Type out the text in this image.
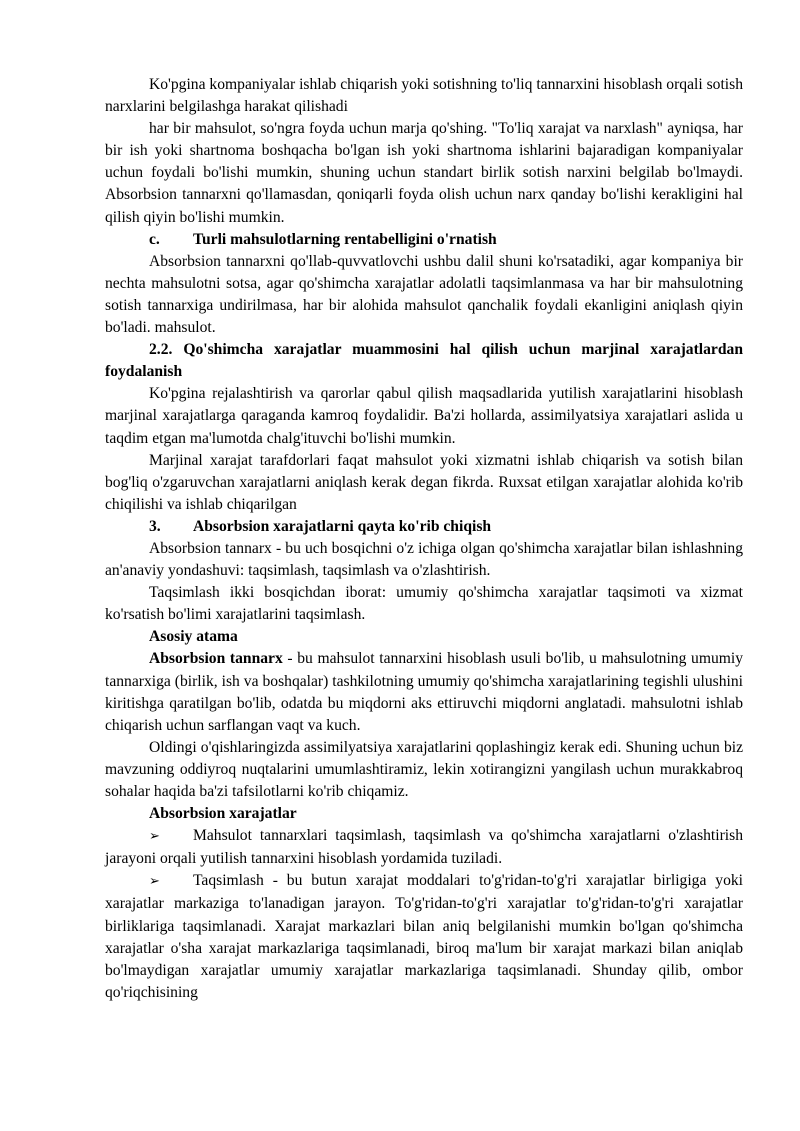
Ko'pgina kompaniyalar ishlab chiqarish yoki sotishning to'liq tannarxini hisoblash orqali sotish narxlarini belgilashga harakat qilishadi

har bir mahsulot, so'ngra foyda uchun marja qo'shing. "To'liq xarajat va narxlash" ayniqsa, har bir ish yoki shartnoma boshqacha bo'lgan ish yoki shartnoma ishlarini bajaradigan kompaniyalar uchun foydali bo'lishi mumkin, shuning uchun standart birlik sotish narxini belgilab bo'lmaydi. Absorbsion tannarxni qo'llamasdan, qoniqarli foyda olish uchun narx qanday bo'lishi kerakligini hal qilish qiyin bo'lishi mumkin.

c.	Turli mahsulotlarning rentabelligini o'rnatish

Absorbsion tannarxni qo'llab-quvvatlovchi ushbu dalil shuni ko'rsatadiki, agar kompaniya bir nechta mahsulotni sotsa, agar qo'shimcha xarajatlar adolatli taqsimlanmasa va har bir mahsulotning sotish tannarxiga undirilmasa, har bir alohida mahsulot qanchalik foydali ekanligini aniqlash qiyin bo'ladi. mahsulot.

2.2. Qo'shimcha xarajatlar muammosini hal qilish uchun marjinal xarajatlardan foydalanish

Ko'pgina rejalashtirish va qarorlar qabul qilish maqsadlarida yutilish xarajatlarini hisoblash marjinal xarajatlarga qaraganda kamroq foydalidir. Ba'zi hollarda, assimilyatsiya xarajatlari aslida u taqdim etgan ma'lumotda chalg'ituvchi bo'lishi mumkin.

Marjinal xarajat tarafdorlari faqat mahsulot yoki xizmatni ishlab chiqarish va sotish bilan bog'liq o'zgaruvchan xarajatlarni aniqlash kerak degan fikrda. Ruxsat etilgan xarajatlar alohida ko'rib chiqilishi va ishlab chiqarilgan

3.	Absorbsion xarajatlarni qayta ko'rib chiqish

Absorbsion tannarx - bu uch bosqichni o'z ichiga olgan qo'shimcha xarajatlar bilan ishlashning an'anaviy yondashuvi: taqsimlash, taqsimlash va o'zlashtirish.

Taqsimlash ikki bosqichdan iborat: umumiy qo'shimcha xarajatlar taqsimoti va xizmat ko'rsatish bo'limi xarajatlarini taqsimlash.

Asosiy atama

Absorbsion tannarx - bu mahsulot tannarxini hisoblash usuli bo'lib, u mahsulotning umumiy tannarxiga (birlik, ish va boshqalar) tashkilotning umumiy qo'shimcha xarajatlarining tegishli ulushini kiritishga qaratilgan bo'lib, odatda bu miqdorni aks ettiruvchi miqdorni anglatadi. mahsulotni ishlab chiqarish uchun sarflangan vaqt va kuch.

Oldingi o'qishlaringizda assimilyatsiya xarajatlarini qoplashingiz kerak edi. Shuning uchun biz mavzuning oddiyroq nuqtalarini umumlashtiramiz, lekin xotirangizni yangilash uchun murakkabroq sohalar haqida ba'zi tafsilotlarni ko'rib chiqamiz.

Absorbsion xarajatlar

➢ Mahsulot tannarxlari taqsimlash, taqsimlash va qo'shimcha xarajatlarni o'zlashtirish jarayoni orqali yutilish tannarxini hisoblash yordamida tuziladi.

➢ Taqsimlash - bu butun xarajat moddalari to'g'ridan-to'g'ri xarajatlar birligiga yoki xarajatlar markaziga to'lanadigan jarayon. To'g'ridan-to'g'ri xarajatlar to'g'ridan-to'g'ri xarajatlar birliklariga taqsimlanadi. Xarajat markazlari bilan aniq belgilanishi mumkin bo'lgan qo'shimcha xarajatlar o'sha xarajat markazlariga taqsimlanadi, biroq ma'lum bir xarajat markazi bilan aniqlab bo'lmaydigan xarajatlar umumiy xarajatlar markazlariga taqsimlanadi. Shunday qilib, ombor qo'riqchisining
